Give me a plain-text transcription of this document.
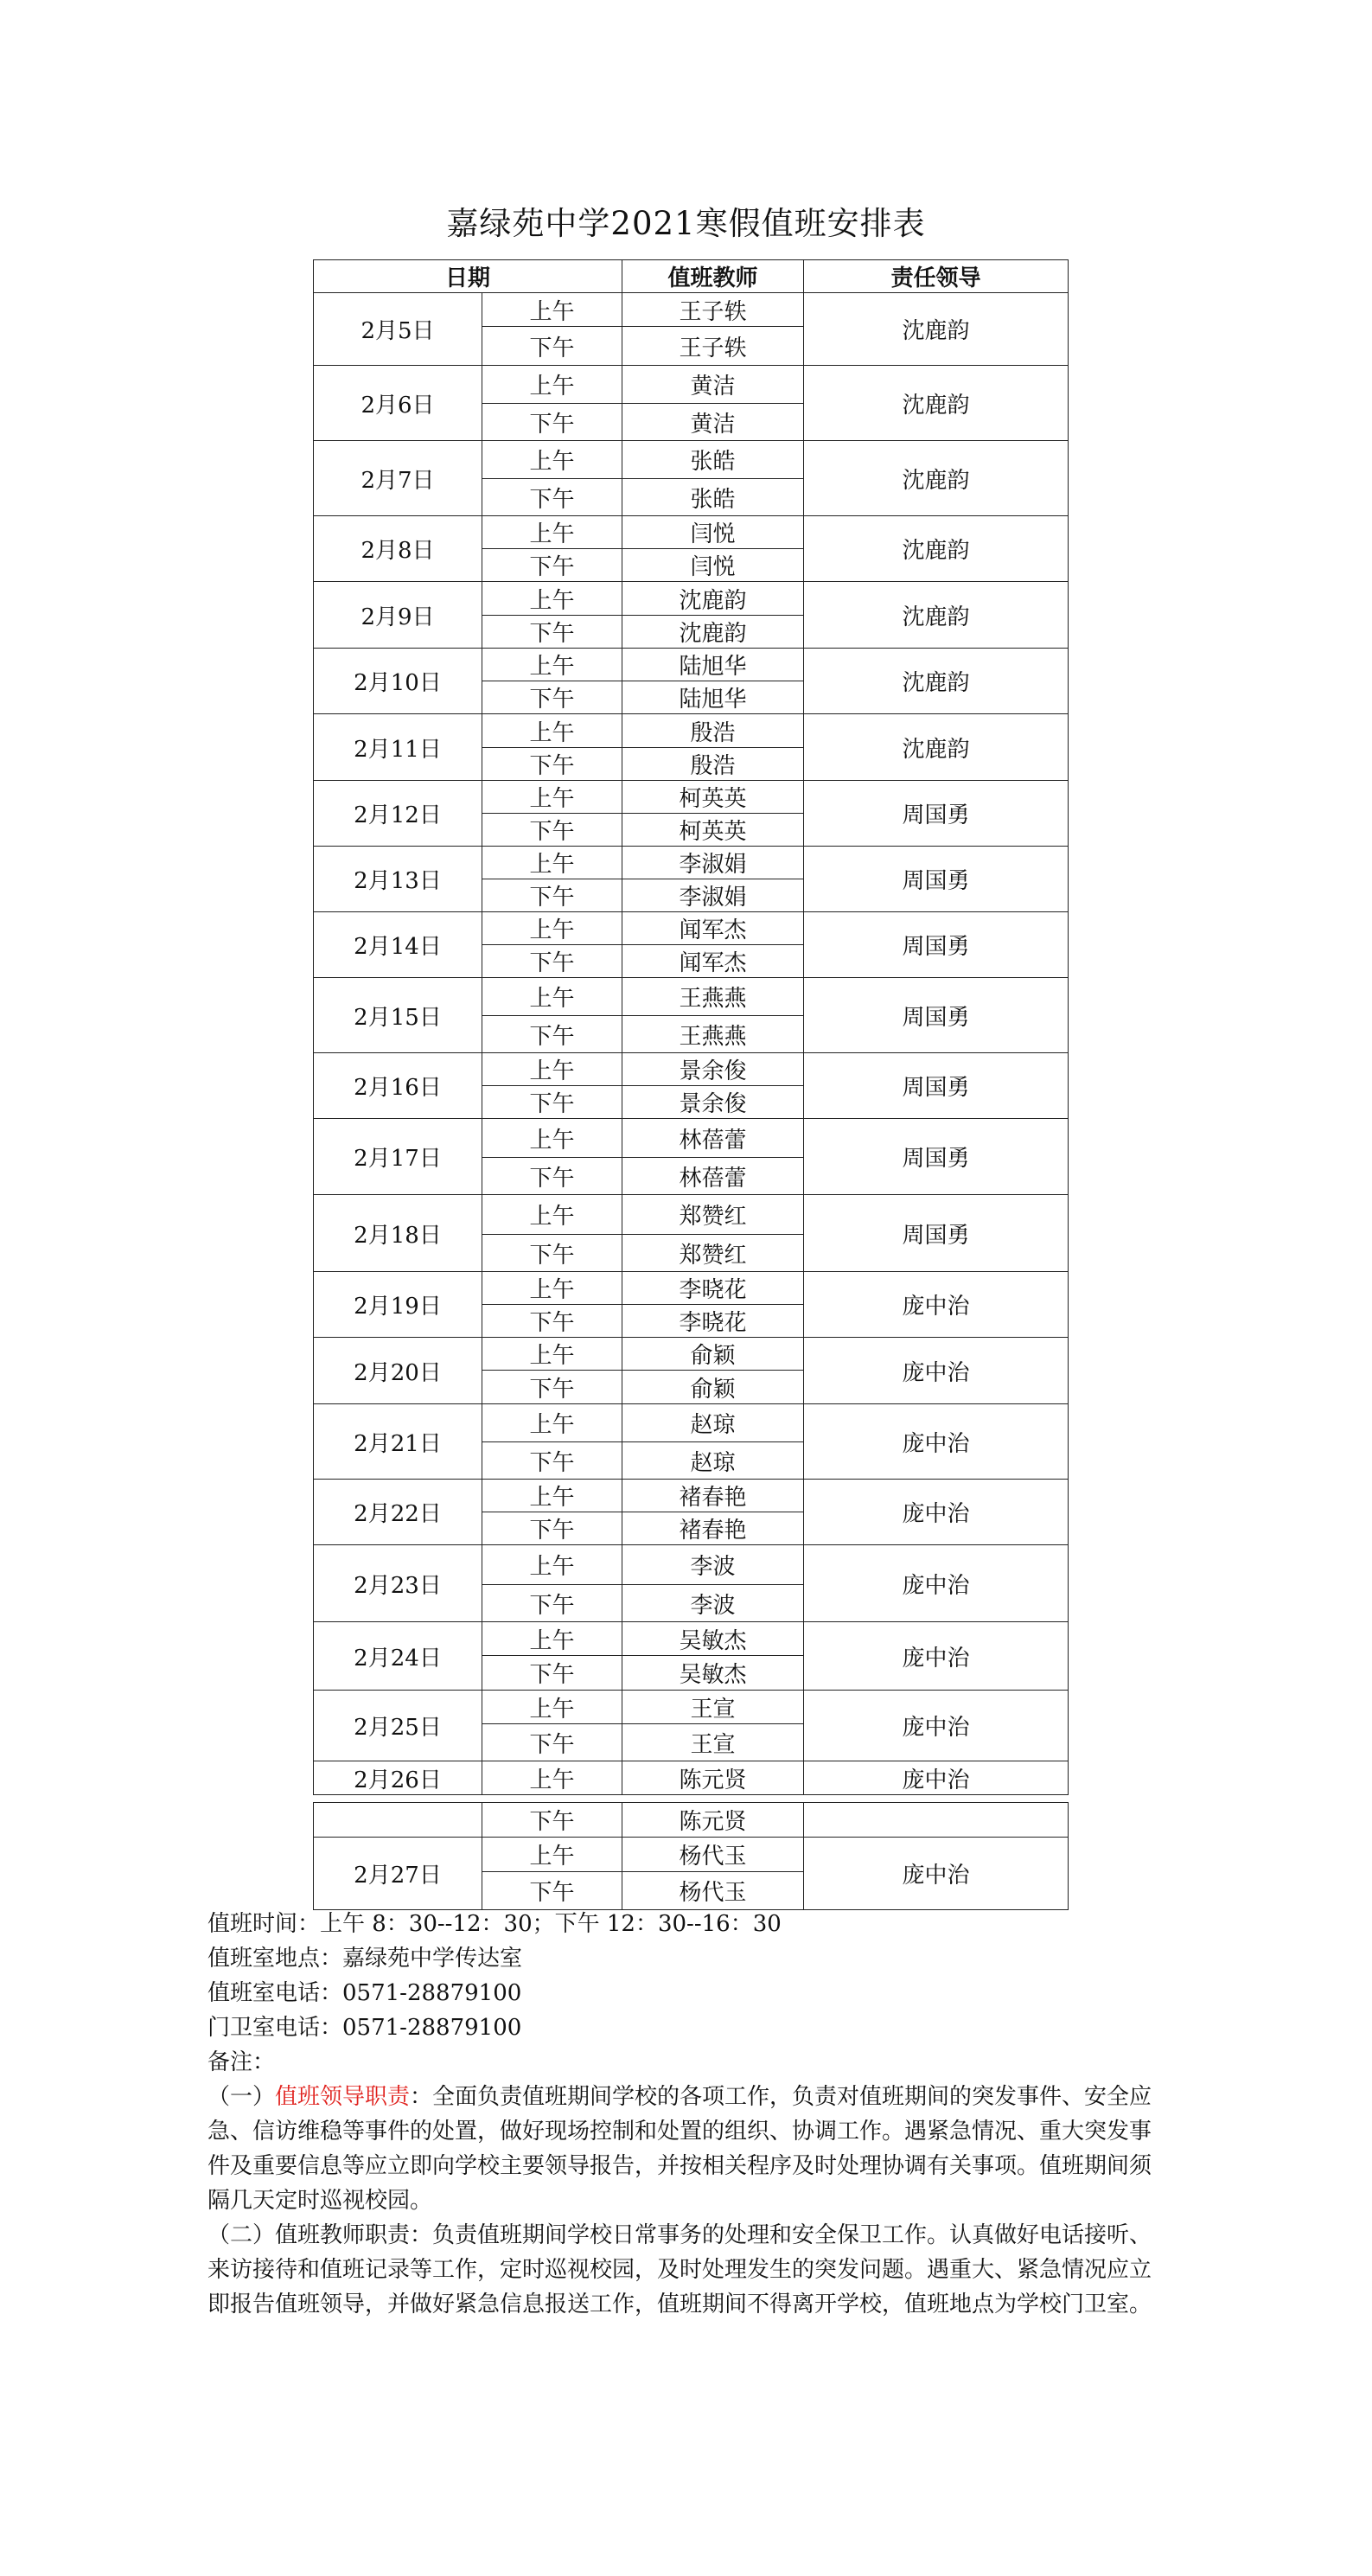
嘉绿苑中学2021寒假值班安排表
日期		值班教师	责任领导
2月5日	上午	王子轶	沈鹿韵
	下午	王子轶	
2月6日	上午	黄洁	沈鹿韵
	下午	黄洁	
2月7日	上午	张皓	沈鹿韵
	下午	张皓	
2月8日	上午	闫悦	沈鹿韵
	下午	闫悦	
2月9日	上午	沈鹿韵	沈鹿韵
	下午	沈鹿韵	
2月10日	上午	陆旭华	沈鹿韵
	下午	陆旭华	
2月11日	上午	殷浩	沈鹿韵
	下午	殷浩	
2月12日	上午	柯英英	周国勇
	下午	柯英英	
2月13日	上午	李淑娟	周国勇
	下午	李淑娟	
2月14日	上午	闻军杰	周国勇
	下午	闻军杰	
2月15日	上午	王燕燕	周国勇
	下午	王燕燕	
2月16日	上午	景余俊	周国勇
	下午	景余俊	
2月17日	上午	林蓓蕾	周国勇
	下午	林蓓蕾	
2月18日	上午	郑赞红	周国勇
	下午	郑赞红	
2月19日	上午	李晓花	庞中治
	下午	李晓花	
2月20日	上午	俞颖	庞中治
	下午	俞颖	
2月21日	上午	赵琼	庞中治
	下午	赵琼	
2月22日	上午	褚春艳	庞中治
	下午	褚春艳	
2月23日	上午	李波	庞中治
	下午	李波	
2月24日	上午	吴敏杰	庞中治
	下午	吴敏杰	
2月25日	上午	王宣	庞中治
	下午	王宣	
2月26日	上午	陈元贤	庞中治
	下午	陈元贤	
2月27日	上午	杨代玉	庞中治
	下午	杨代玉	

值班时间：上午 8：30--12：30；下午 12：30--16：30

值班室地点：嘉绿苑中学传达室

值班室电话：0571-28879100

门卫室电话：0571-28879100

备注：

（一）值班领导职责：全面负责值班期间学校的各项工作，负责对值班期间的突发事件、安全应急、信访维稳等事件的处置，做好现场控制和处置的组织、协调工作。遇紧急情况、重大突发事件及重要信息等应立即向学校主要领导报告，并按相关程序及时处理协调有关事项。值班期间须隔几天定时巡视校园。

（二）值班教师职责：负责值班期间学校日常事务的处理和安全保卫工作。认真做好电话接听、来访接待和值班记录等工作，定时巡视校园，及时处理发生的突发问题。遇重大、紧急情况应立即报告值班领导，并做好紧急信息报送工作，值班期间不得离开学校，值班地点为学校门卫室。
